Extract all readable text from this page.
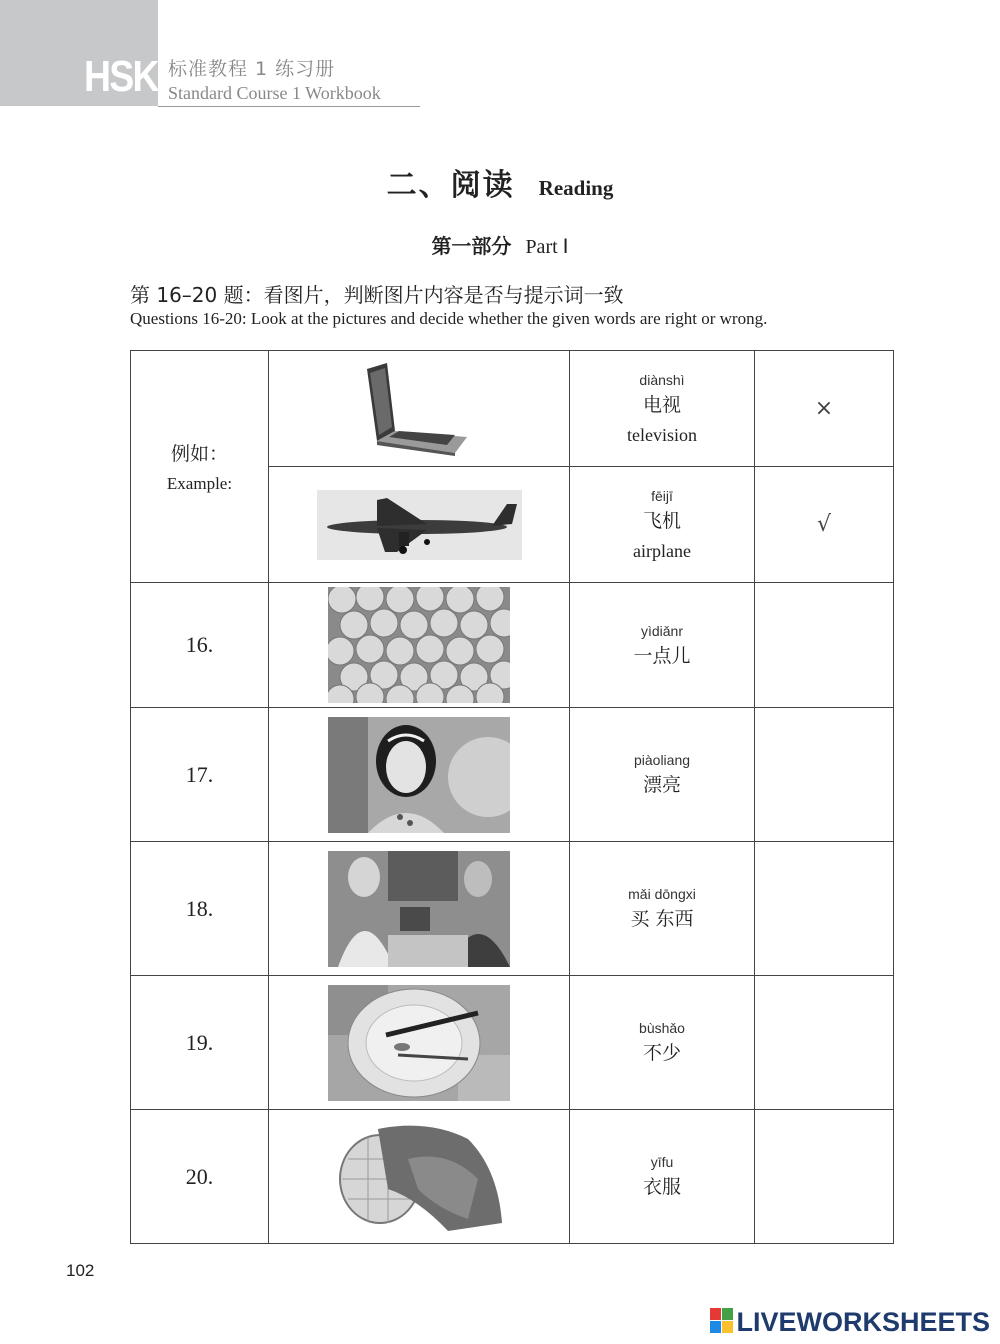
HSK 标准教程 1 练习册
Standard Course 1 Workbook
二、阅读 Reading
第一部分 Part Ⅰ
第 16–20 题：看图片，判断图片内容是否与提示词一致
Questions 16-20: Look at the pictures and decide whether the given words are right or wrong.
例如：
Example:		diànshì
电视
television	×

fēijī
飞机
airplane	√
16.		yìdiǎnr
一点儿	

17.		piàoliang
漂亮	

18.		mǎi dōngxi
买 东西	

19.		bùshǎo
不少	

20.		yīfu
衣服	

102
LIVEWORKSHEETS
